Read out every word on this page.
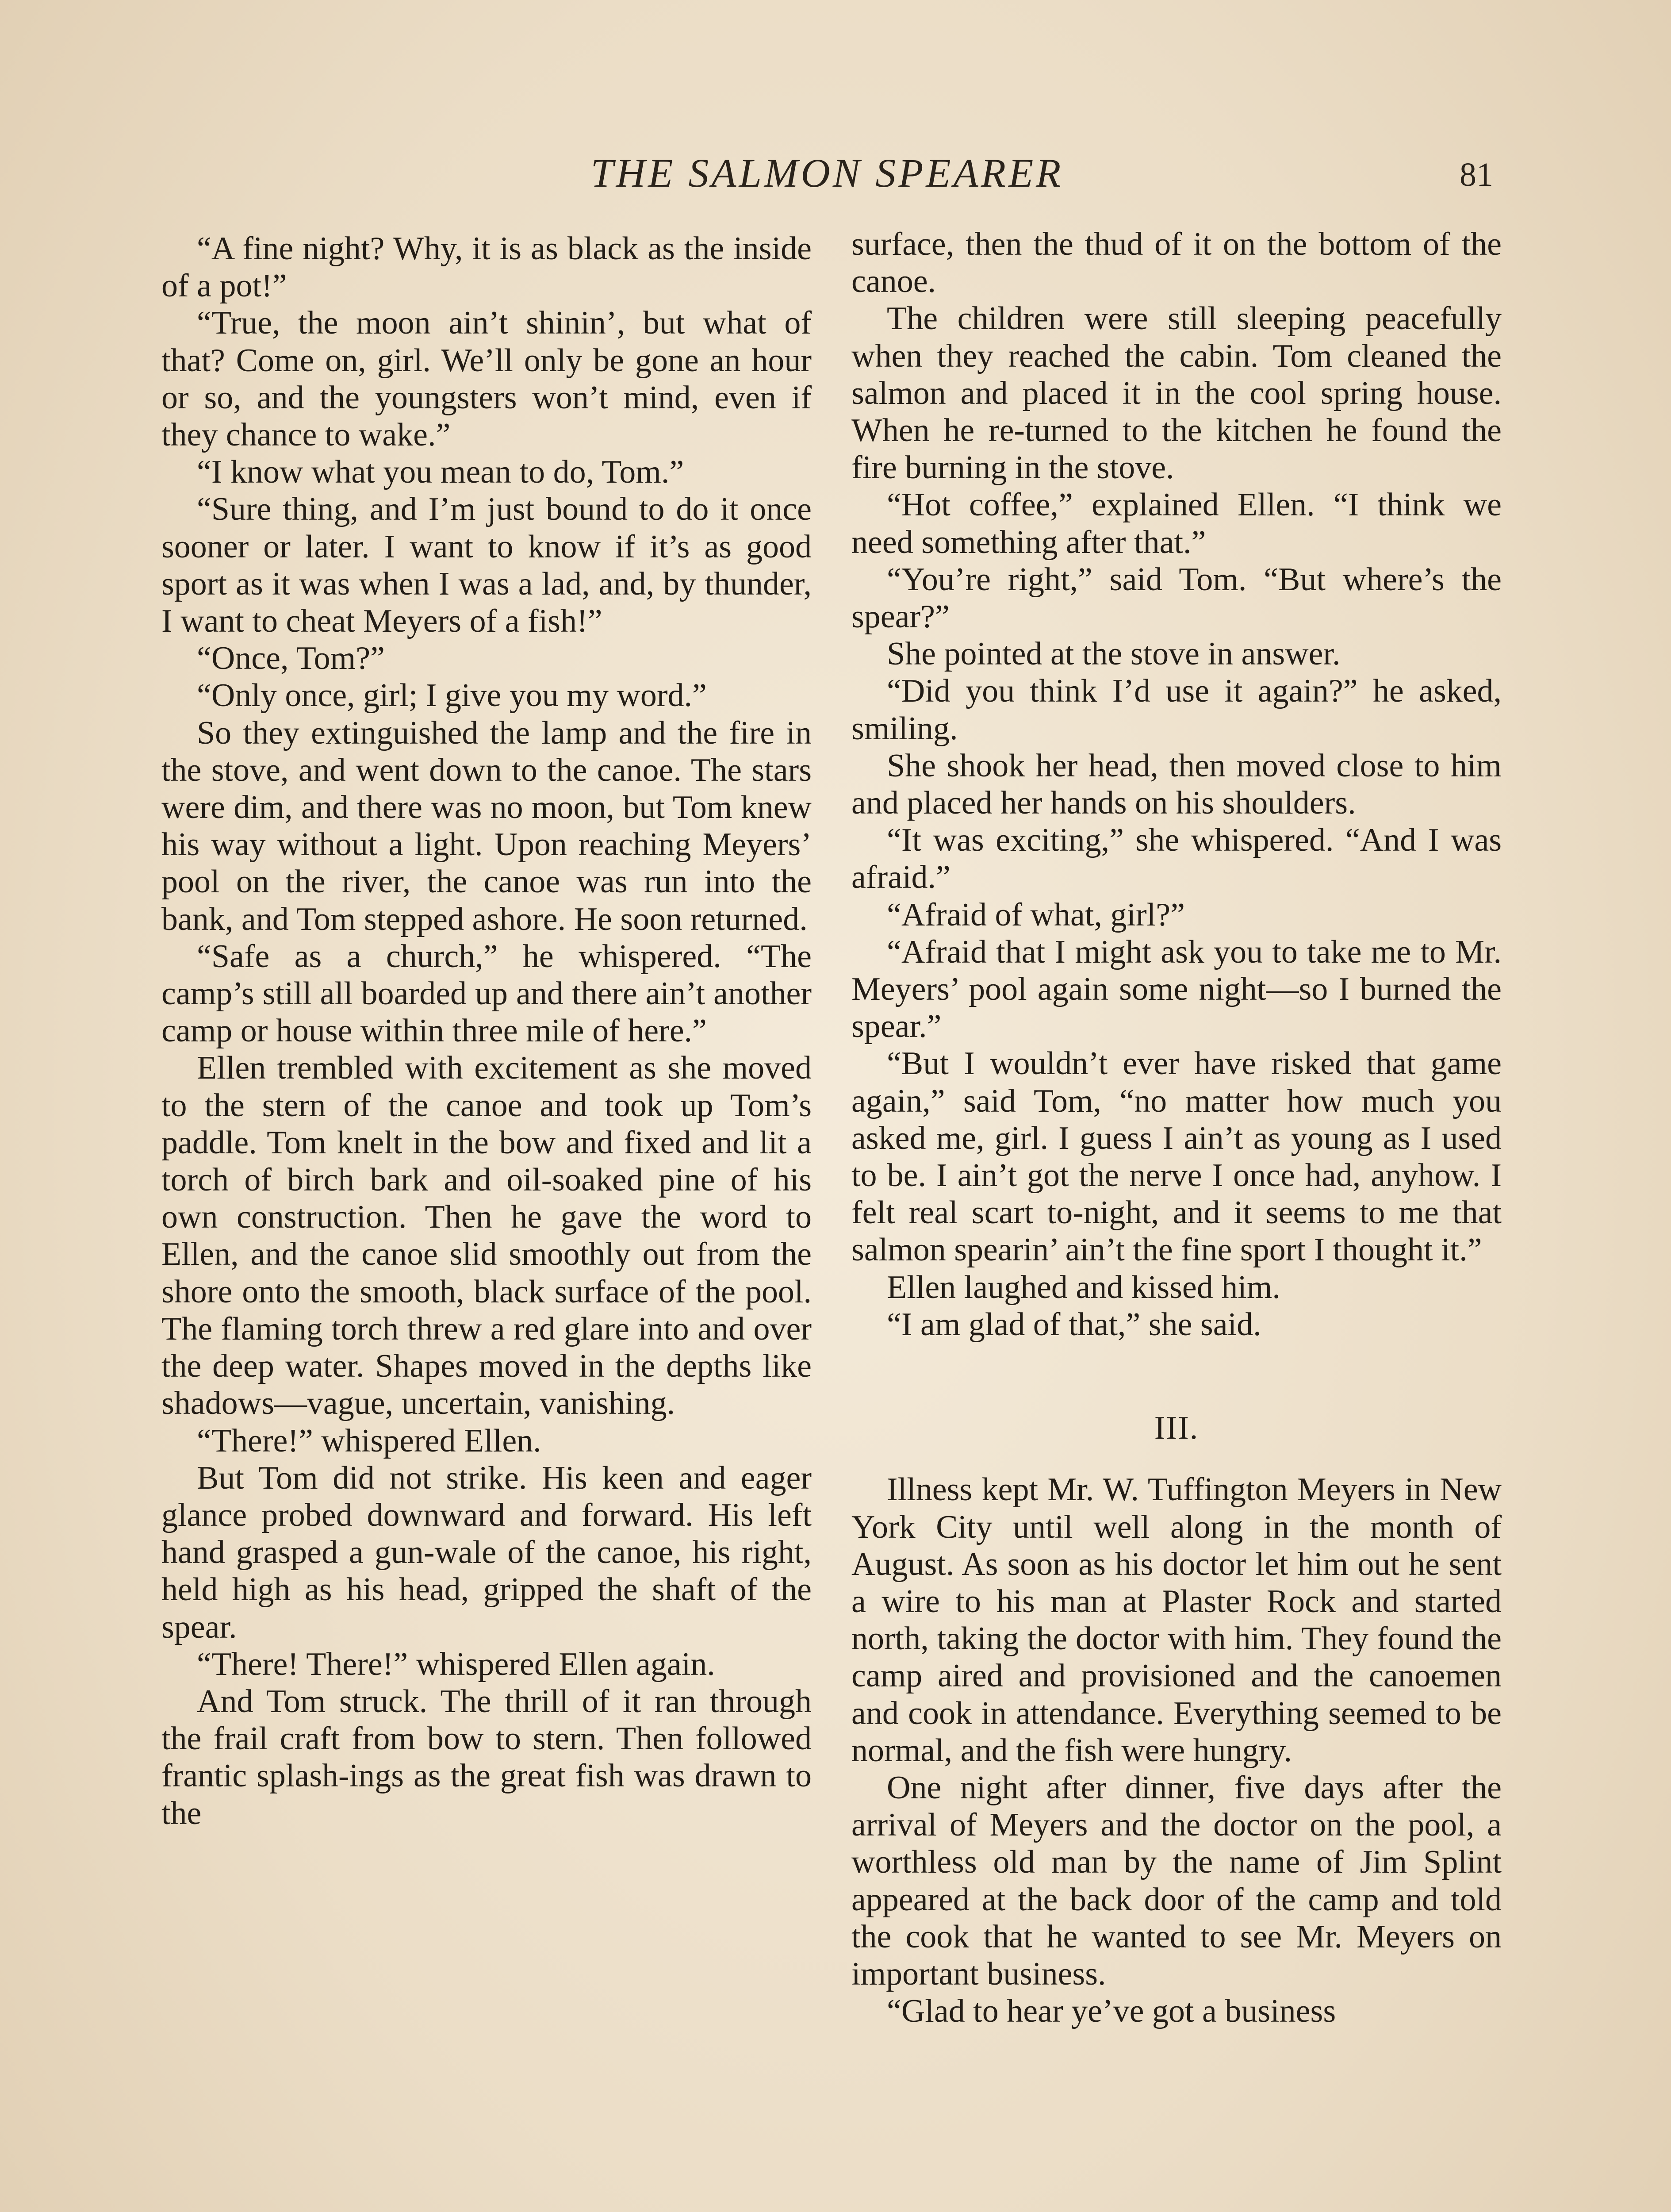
THE SALMON SPEARER	81

“A fine night? Why, it is as black as the inside of a pot!”

“True, the moon ain’t shinin’, but what of that? Come on, girl. We’ll only be gone an hour or so, and the youngsters won’t mind, even if they chance to wake.”

“I know what you mean to do, Tom.”

“Sure thing, and I’m just bound to do it once sooner or later. I want to know if it’s as good sport as it was when I was a lad, and, by thunder, I want to cheat Meyers of a fish!”

“Once, Tom?”

“Only once, girl; I give you my word.”

So they extinguished the lamp and the fire in the stove, and went down to the canoe. The stars were dim, and there was no moon, but Tom knew his way without a light. Upon reaching Meyers’ pool on the river, the canoe was run into the bank, and Tom stepped ashore. He soon returned.

“Safe as a church,” he whispered. “The camp’s still all boarded up and there ain’t another camp or house within three mile of here.”

Ellen trembled with excitement as she moved to the stern of the canoe and took up Tom’s paddle. Tom knelt in the bow and fixed and lit a torch of birch bark and oil-soaked pine of his own construction. Then he gave the word to Ellen, and the canoe slid smoothly out from the shore onto the smooth, black surface of the pool. The flaming torch threw a red glare into and over the deep water. Shapes moved in the depths like shadows—vague, uncertain, vanishing.

“There!” whispered Ellen.

But Tom did not strike. His keen and eager glance probed downward and forward. His left hand grasped a gun-wale of the canoe, his right, held high as his head, gripped the shaft of the spear.

“There! There!” whispered Ellen again.

And Tom struck. The thrill of it ran through the frail craft from bow to stern. Then followed frantic splash-ings as the great fish was drawn to the

surface, then the thud of it on the bottom of the canoe.

The children were still sleeping peacefully when they reached the cabin. Tom cleaned the salmon and placed it in the cool spring house. When he re-turned to the kitchen he found the fire burning in the stove.

“Hot coffee,” explained Ellen. “I think we need something after that.”

“You’re right,” said Tom. “But where’s the spear?”

She pointed at the stove in answer.

“Did you think I’d use it again?” he asked, smiling.

She shook her head, then moved close to him and placed her hands on his shoulders.

“It was exciting,” she whispered. “And I was afraid.”

“Afraid of what, girl?”

“Afraid that I might ask you to take me to Mr. Meyers’ pool again some night—so I burned the spear.”

“But I wouldn’t ever have risked that game again,” said Tom, “no matter how much you asked me, girl. I guess I ain’t as young as I used to be. I ain’t got the nerve I once had, anyhow. I felt real scart to-night, and it seems to me that salmon spearin’ ain’t the fine sport I thought it.”

Ellen laughed and kissed him.

“I am glad of that,” she said.

III.

Illness kept Mr. W. Tuffington Meyers in New York City until well along in the month of August. As soon as his doctor let him out he sent a wire to his man at Plaster Rock and started north, taking the doctor with him. They found the camp aired and provisioned and the canoemen and cook in attendance. Everything seemed to be normal, and the fish were hungry.

One night after dinner, five days after the arrival of Meyers and the doctor on the pool, a worthless old man by the name of Jim Splint appeared at the back door of the camp and told the cook that he wanted to see Mr. Meyers on important business.

“Glad to hear ye’ve got a business
